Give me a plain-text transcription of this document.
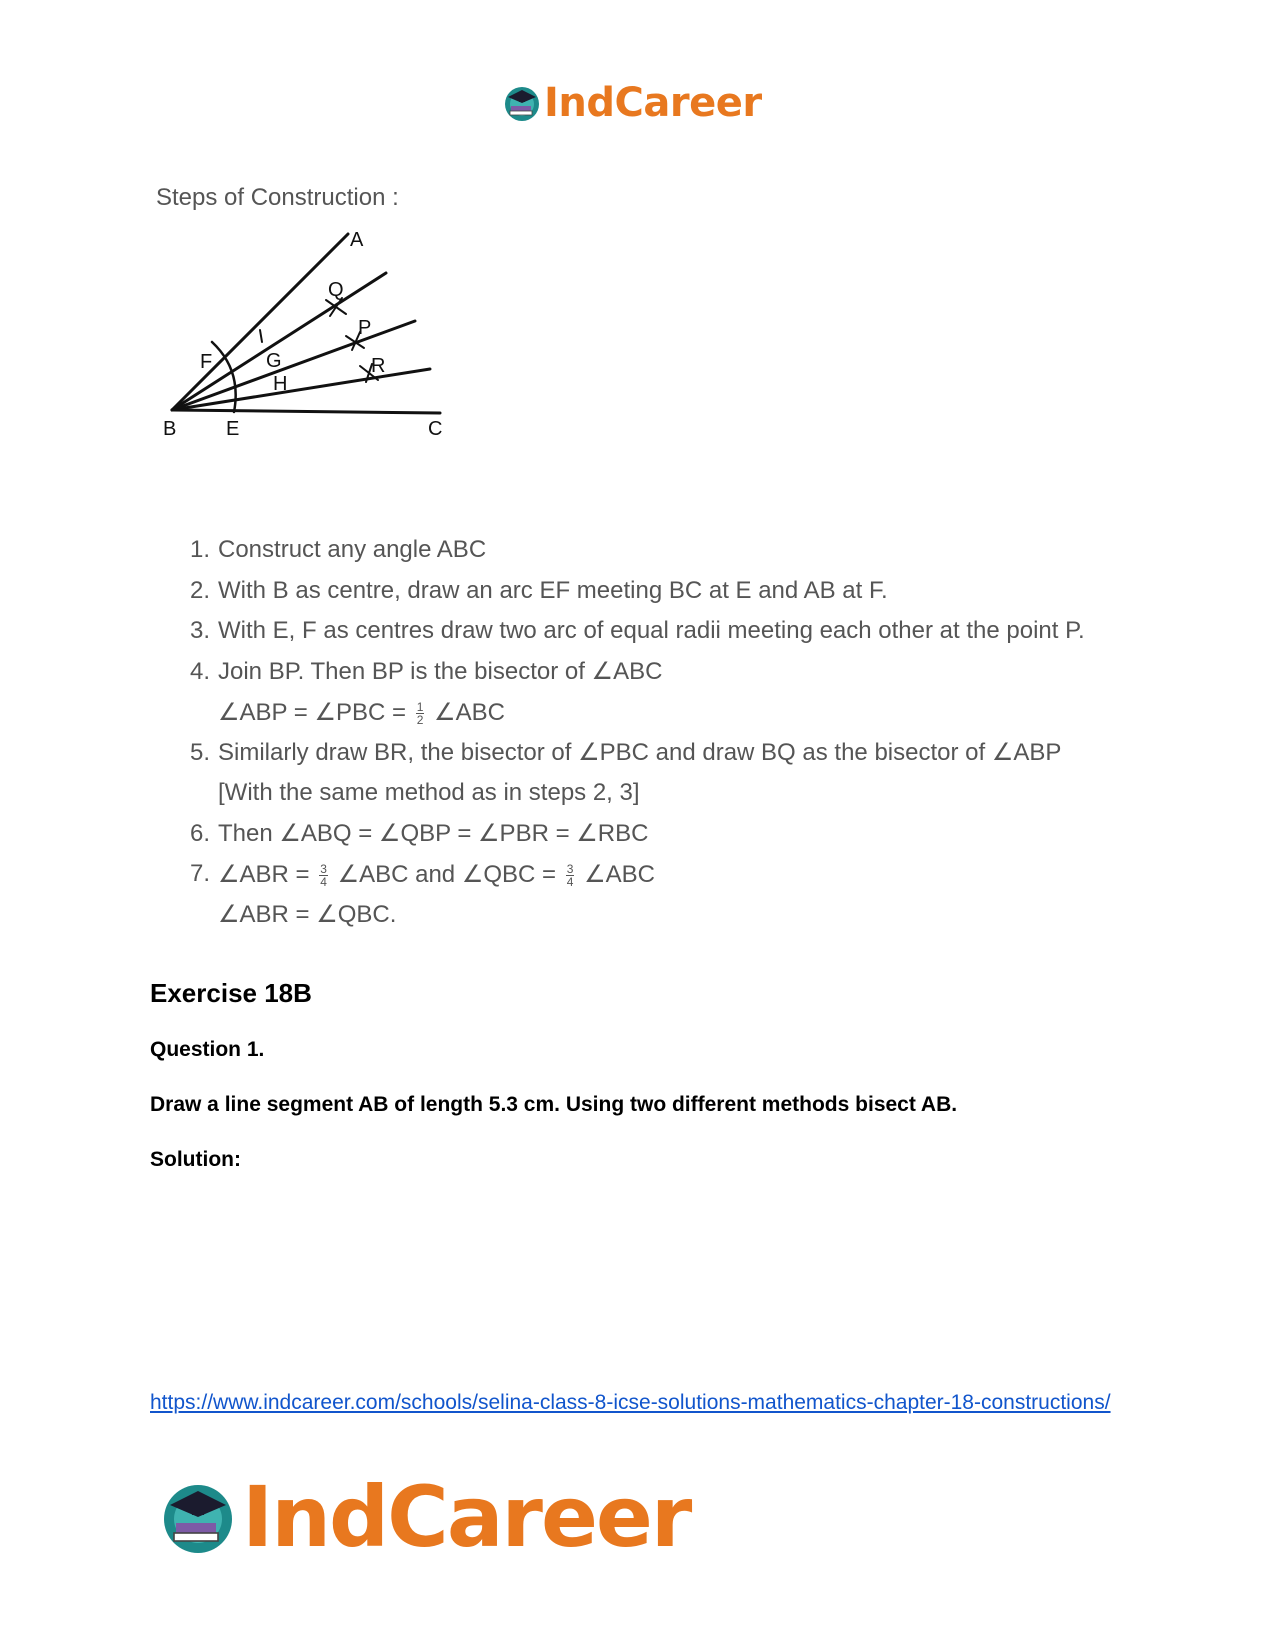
IndCareer
Steps of Construction :
A
Q
P
R
F	G
H
B E	C
1. Construct any angle ABC
2. With B as centre, draw an arc EF meeting BC at E and AB at F.
3. With E, F as centres draw two arc of equal radii meeting each other at the point P.
4. Join BP. Then BP is the bisector of ∠ABC
∠ABP = ∠PBC = $\frac{1}{2}$ ∠ABC
5. Similarly draw BR, the bisector of ∠PBC and draw BQ as the bisector of ∠ABP
[With the same method as in steps 2, 3]
6. Then ∠ABQ = ∠QBP = ∠PBR = ∠RBC
7. ∠ABR = $\frac{3}{4}$ ∠ABC and ∠QBC = $\frac{3}{4}$ ∠ABC
∠ABR = ∠QBC.
Exercise 18B
Question 1.
Draw a line segment AB of length 5.3 cm. Using two different methods bisect AB.
Solution:
https://www.indcareer.com/schools/selina-class-8-icse-solutions-mathematics-chapter-18-constructions/
IndCareer
